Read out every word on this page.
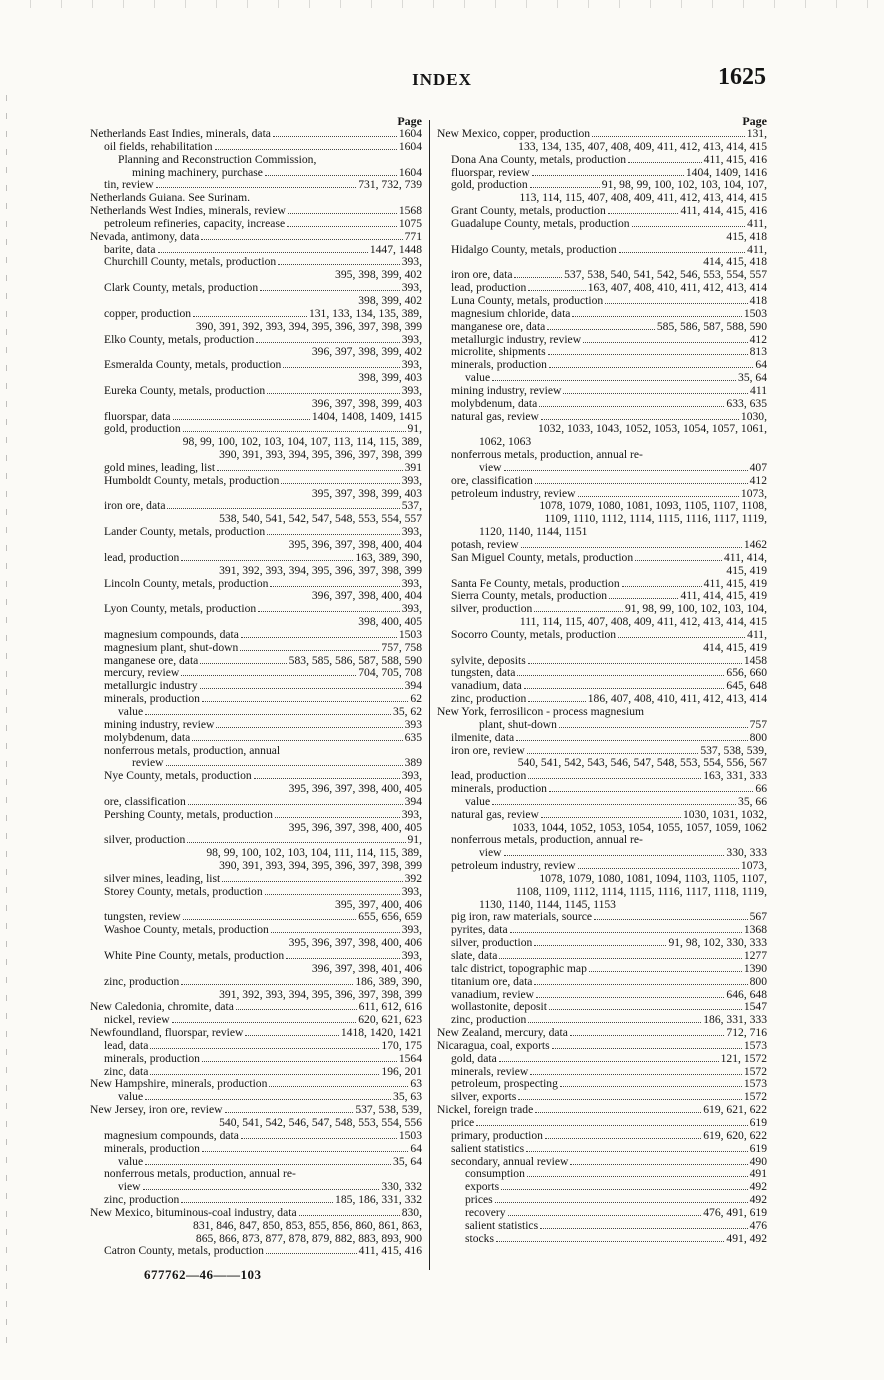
INDEX	1625
Page
Netherlands East Indies, minerals, data	1604
oil fields, rehabilitation	1604
Planning and Reconstruction Commission,
mining machinery, purchase	1604
tin, review	731, 732, 739
Netherlands Guiana. See Surinam.
Netherlands West Indies, minerals, review	1568
petroleum refineries, capacity, increase	1075
Nevada, antimony, data	771
barite, data	1447, 1448
Churchill County, metals, production	393,
395, 398, 399, 402
Clark County, metals, production	393,
398, 399, 402
copper, production	131, 133, 134, 135, 389,
390, 391, 392, 393, 394, 395, 396, 397, 398, 399
Elko County, metals, production	393,
396, 397, 398, 399, 402
Esmeralda County, metals, production	393,
398, 399, 403
Eureka County, metals, production	393,
396, 397, 398, 399, 403
fluorspar, data	1404, 1408, 1409, 1415
gold, production	91,
98, 99, 100, 102, 103, 104, 107, 113, 114, 115, 389,
390, 391, 393, 394, 395, 396, 397, 398, 399
gold mines, leading, list	391
Humboldt County, metals, production	393,
395, 397, 398, 399, 403
iron ore, data	537,
538, 540, 541, 542, 547, 548, 553, 554, 557
Lander County, metals, production	393,
395, 396, 397, 398, 400, 404
lead, production	163, 389, 390,
391, 392, 393, 394, 395, 396, 397, 398, 399
Lincoln County, metals, production	393,
396, 397, 398, 400, 404
Lyon County, metals, production	393,
398, 400, 405
magnesium compounds, data	1503
magnesium plant, shut-down	757, 758
manganese ore, data	583, 585, 586, 587, 588, 590
mercury, review	704, 705, 708
metallurgic industry	394
minerals, production	62
value	35, 62
mining industry, review	393
molybdenum, data	635
nonferrous metals, production, annual
review	389
Nye County, metals, production	393,
395, 396, 397, 398, 400, 405
ore, classification	394
Pershing County, metals, production	393,
395, 396, 397, 398, 400, 405
silver, production	91,
98, 99, 100, 102, 103, 104, 111, 114, 115, 389,
390, 391, 393, 394, 395, 396, 397, 398, 399
silver mines, leading, list	392
Storey County, metals, production	393,
395, 397, 400, 406
tungsten, review	655, 656, 659
Washoe County, metals, production	393,
395, 396, 397, 398, 400, 406
White Pine County, metals, production	393,
396, 397, 398, 401, 406
zinc, production	186, 389, 390,
391, 392, 393, 394, 395, 396, 397, 398, 399
New Caledonia, chromite, data	611, 612, 616
nickel, review	620, 621, 623
Newfoundland, fluorspar, review	1418, 1420, 1421
lead, data	170, 175
minerals, production	1564
zinc, data	196, 201
New Hampshire, minerals, production	63
value	35, 63
New Jersey, iron ore, review	537, 538, 539,
540, 541, 542, 546, 547, 548, 553, 554, 556
magnesium compounds, data	1503
minerals, production	64
value	35, 64
nonferrous metals, production, annual re-
view	330, 332
zinc, production	185, 186, 331, 332
New Mexico, bituminous-coal industry, data	830,
831, 846, 847, 850, 853, 855, 856, 860, 861, 863,
865, 866, 873, 877, 878, 879, 882, 883, 893, 900
Catron County, metals, production	411, 415, 416
Page
New Mexico, copper, production	131,
133, 134, 135, 407, 408, 409, 411, 412, 413, 414, 415
Dona Ana County, metals, production	411, 415, 416
fluorspar, review	1404, 1409, 1416
gold, production	91, 98, 99, 100, 102, 103, 104, 107,
113, 114, 115, 407, 408, 409, 411, 412, 413, 414, 415
Grant County, metals, production	411, 414, 415, 416
Guadalupe County, metals, production	411,
415, 418
Hidalgo County, metals, production	411,
414, 415, 418
iron ore, data	537, 538, 540, 541, 542, 546, 553, 554, 557
lead, production	163, 407, 408, 410, 411, 412, 413, 414
Luna County, metals, production	418
magnesium chloride, data	1503
manganese ore, data	585, 586, 587, 588, 590
metallurgic industry, review	412
microlite, shipments	813
minerals, production	64
value	35, 64
mining industry, review	411
molybdenum, data	633, 635
natural gas, review	1030,
1032, 1033, 1043, 1052, 1053, 1054, 1057, 1061,
1062, 1063
nonferrous metals, production, annual re-
view	407
ore, classification	412
petroleum industry, review	1073,
1078, 1079, 1080, 1081, 1093, 1105, 1107, 1108,
1109, 1110, 1112, 1114, 1115, 1116, 1117, 1119,
1120, 1140, 1144, 1151
potash, review	1462
San Miguel County, metals, production	411, 414,
415, 419
Santa Fe County, metals, production	411, 415, 419
Sierra County, metals, production	411, 414, 415, 419
silver, production	91, 98, 99, 100, 102, 103, 104,
111, 114, 115, 407, 408, 409, 411, 412, 413, 414, 415
Socorro County, metals, production	411,
414, 415, 419
sylvite, deposits	1458
tungsten, data	656, 660
vanadium, data	645, 648
zinc, production	186, 407, 408, 410, 411, 412, 413, 414
New York, ferrosilicon - process magnesium
plant, shut-down	757
ilmenite, data	800
iron ore, review	537, 538, 539,
540, 541, 542, 543, 546, 547, 548, 553, 554, 556, 567
lead, production	163, 331, 333
minerals, production	66
value	35, 66
natural gas, review	1030, 1031, 1032,
1033, 1044, 1052, 1053, 1054, 1055, 1057, 1059, 1062
nonferrous metals, production, annual re-
view	330, 333
petroleum industry, review	1073,
1078, 1079, 1080, 1081, 1094, 1103, 1105, 1107,
1108, 1109, 1112, 1114, 1115, 1116, 1117, 1118, 1119,
1130, 1140, 1144, 1145, 1153
pig iron, raw materials, source	567
pyrites, data	1368
silver, production	91, 98, 102, 330, 333
slate, data	1277
talc district, topographic map	1390
titanium ore, data	800
vanadium, review	646, 648
wollastonite, deposit	1547
zinc, production	186, 331, 333
New Zealand, mercury, data	712, 716
Nicaragua, coal, exports	1573
gold, data	121, 1572
minerals, review	1572
petroleum, prospecting	1573
silver, exports	1572
Nickel, foreign trade	619, 621, 622
price	619
primary, production	619, 620, 622
salient statistics	619
secondary, annual review	490
consumption	491
exports	492
prices	492
recovery	476, 491, 619
salient statistics	476
stocks	491, 492
677762—46——103
